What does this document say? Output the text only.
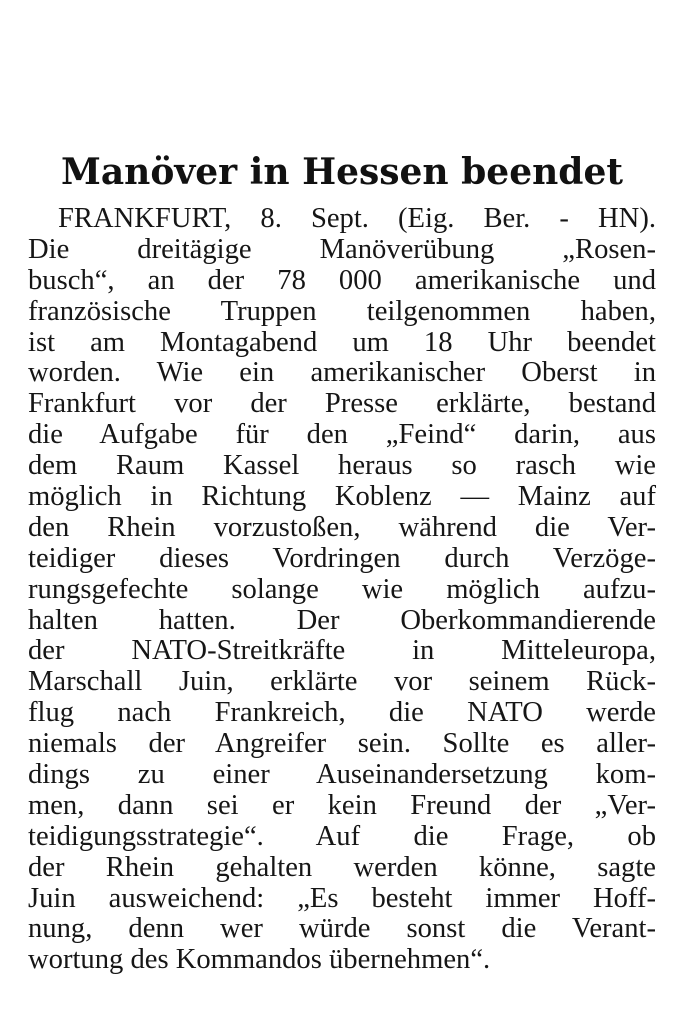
Manöver in Hessen beendet
FRANKFURT, 8. Sept. (Eig. Ber. - HN).
Die dreitägige Manöverübung „Rosen-
busch“, an der 78 000 amerikanische und
französische Truppen teilgenommen haben,
ist am Montagabend um 18 Uhr beendet
worden. Wie ein amerikanischer Oberst in
Frankfurt vor der Presse erklärte, bestand
die Aufgabe für den „Feind“ darin, aus
dem Raum Kassel heraus so rasch wie
möglich in Richtung Koblenz — Mainz auf
den Rhein vorzustoßen, während die Ver-
teidiger dieses Vordringen durch Verzöge-
rungsgefechte solange wie möglich aufzu-
halten hatten. Der Oberkommandierende
der NATO-Streitkräfte in Mitteleuropa,
Marschall Juin, erklärte vor seinem Rück-
flug nach Frankreich, die NATO werde
niemals der Angreifer sein. Sollte es aller-
dings zu einer Auseinandersetzung kom-
men, dann sei er kein Freund der „Ver-
teidigungsstrategie“. Auf die Frage, ob
der Rhein gehalten werden könne, sagte
Juin ausweichend: „Es besteht immer Hoff-
nung, denn wer würde sonst die Verant-
wortung des Kommandos übernehmen“.
